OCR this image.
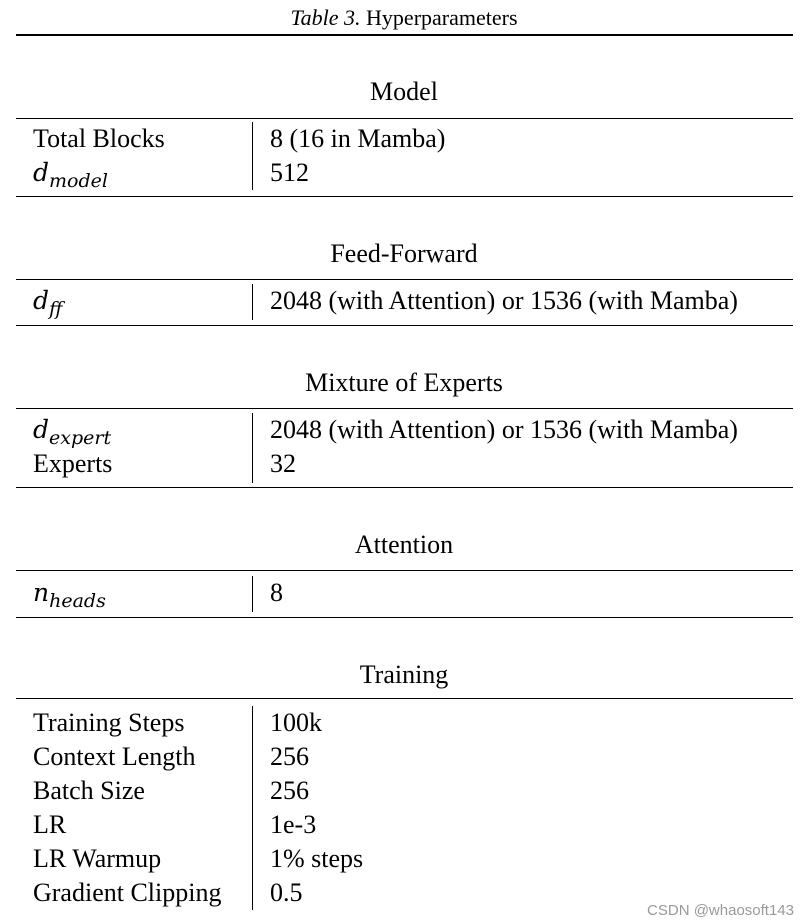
Table 3. Hyperparameters
Model
Total Blocks	8 (16 in Mamba)
$d_{model}$	512
Feed-Forward
$d_{ff}$	2048 (with Attention) or 1536 (with Mamba)
Mixture of Experts
$d_{expert}$	2048 (with Attention) or 1536 (with Mamba)
Experts	32
Attention
$n_{heads}$	8
Training
Training Steps	100k
Context Length	256
Batch Size	256
LR	1e-3
LR Warmup	1% steps
Gradient Clipping 0.5
CSDN @whaosoft143
